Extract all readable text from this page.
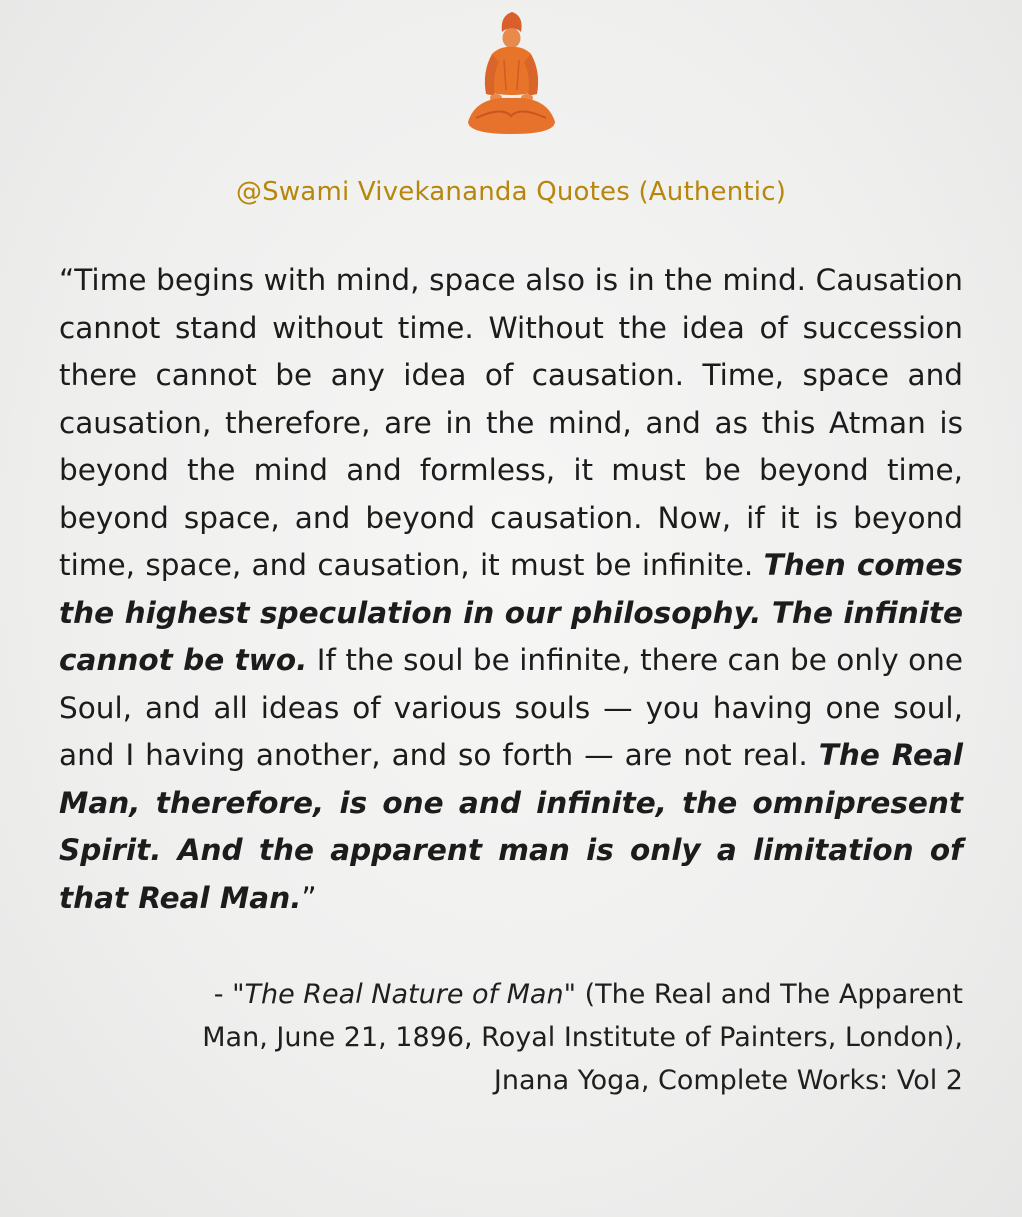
@Swami Vivekananda Quotes (Authentic)

“Time begins with mind, space also is in the mind. Causation cannot stand without time. Without the idea of succession there cannot be any idea of causation. Time, space and causation, therefore, are in the mind, and as this Atman is beyond the mind and formless, it must be beyond time, beyond space, and beyond causation. Now, if it is beyond time, space, and causation, it must be infinite. Then comes the highest speculation in our philosophy. The infinite cannot be two. If the soul be infinite, there can be only one Soul, and all ideas of various souls — you having one soul, and I having another, and so forth — are not real. The Real Man, therefore, is one and infinite, the omnipresent Spirit. And the apparent man is only a limitation of that Real Man.”

- "The Real Nature of Man" (The Real and The Apparent
Man, June 21, 1896, Royal Institute of Painters, London),
Jnana Yoga, Complete Works: Vol 2
